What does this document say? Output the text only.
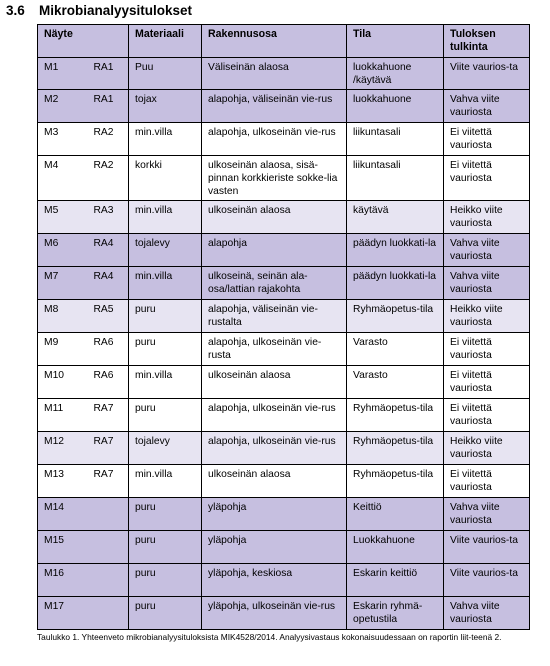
3.6 Mikrobianalyysitulokset
Näyte		Materiaali	Rakennusosa	Tila	Tuloksen tulkinta
M1	RA1	Puu	Väliseinän alaosa	luokkahuone /käytävä	Viite vaurios-ta
M2	RA1	tojax	alapohja, väliseinän vie-rus	luokkahuone	Vahva viite vauriosta
M3	RA2	min.villa	alapohja, ulkoseinän vie-rus	liikuntasali	Ei viitettä vauriosta
M4	RA2	korkki	ulkoseinän alaosa, sisä-pinnan korkkieriste sokke-lia vasten	liikuntasali	Ei viitettä vauriosta
M5	RA3	min.villa	ulkoseinän alaosa	käytävä	Heikko viite vauriosta
M6	RA4	tojalevy	alapohja	päädyn luokkati-la	Vahva viite vauriosta
M7	RA4	min.villa	ulkoseinä, seinän ala-osa/lattian rajakohta	päädyn luokkati-la	Vahva viite vauriosta
M8	RA5	puru	alapohja, väliseinän vie-rustalta	Ryhmäopetus-tila	Heikko viite vauriosta
M9	RA6	puru	alapohja, ulkoseinän vie-rusta	Varasto	Ei viitettä vauriosta
M10	RA6	min.villa	ulkoseinän alaosa	Varasto	Ei viitettä vauriosta
M11	RA7	puru	alapohja, ulkoseinän vie-rus	Ryhmäopetus-tila	Ei viitettä vauriosta
M12	RA7	tojalevy	alapohja, ulkoseinän vie-rus	Ryhmäopetus-tila	Heikko viite vauriosta
M13	RA7	min.villa	ulkoseinän alaosa	Ryhmäopetus-tila	Ei viitettä vauriosta
M14		puru	yläpohja	Keittiö	Vahva viite vauriosta
M15		puru	yläpohja	Luokkahuone	Viite vaurios-ta
M16		puru	yläpohja, keskiosa	Eskarin keittiö	Viite vaurios-ta
M17		puru	yläpohja, ulkoseinän vie-rus	Eskarin ryhmä-opetustila	Vahva viite vauriosta
Taulukko 1. Yhteenveto mikrobianalyysituloksista MIK4528/2014. Analyysivastaus kokonaisuudessaan on raportin liit-teenä 2.
